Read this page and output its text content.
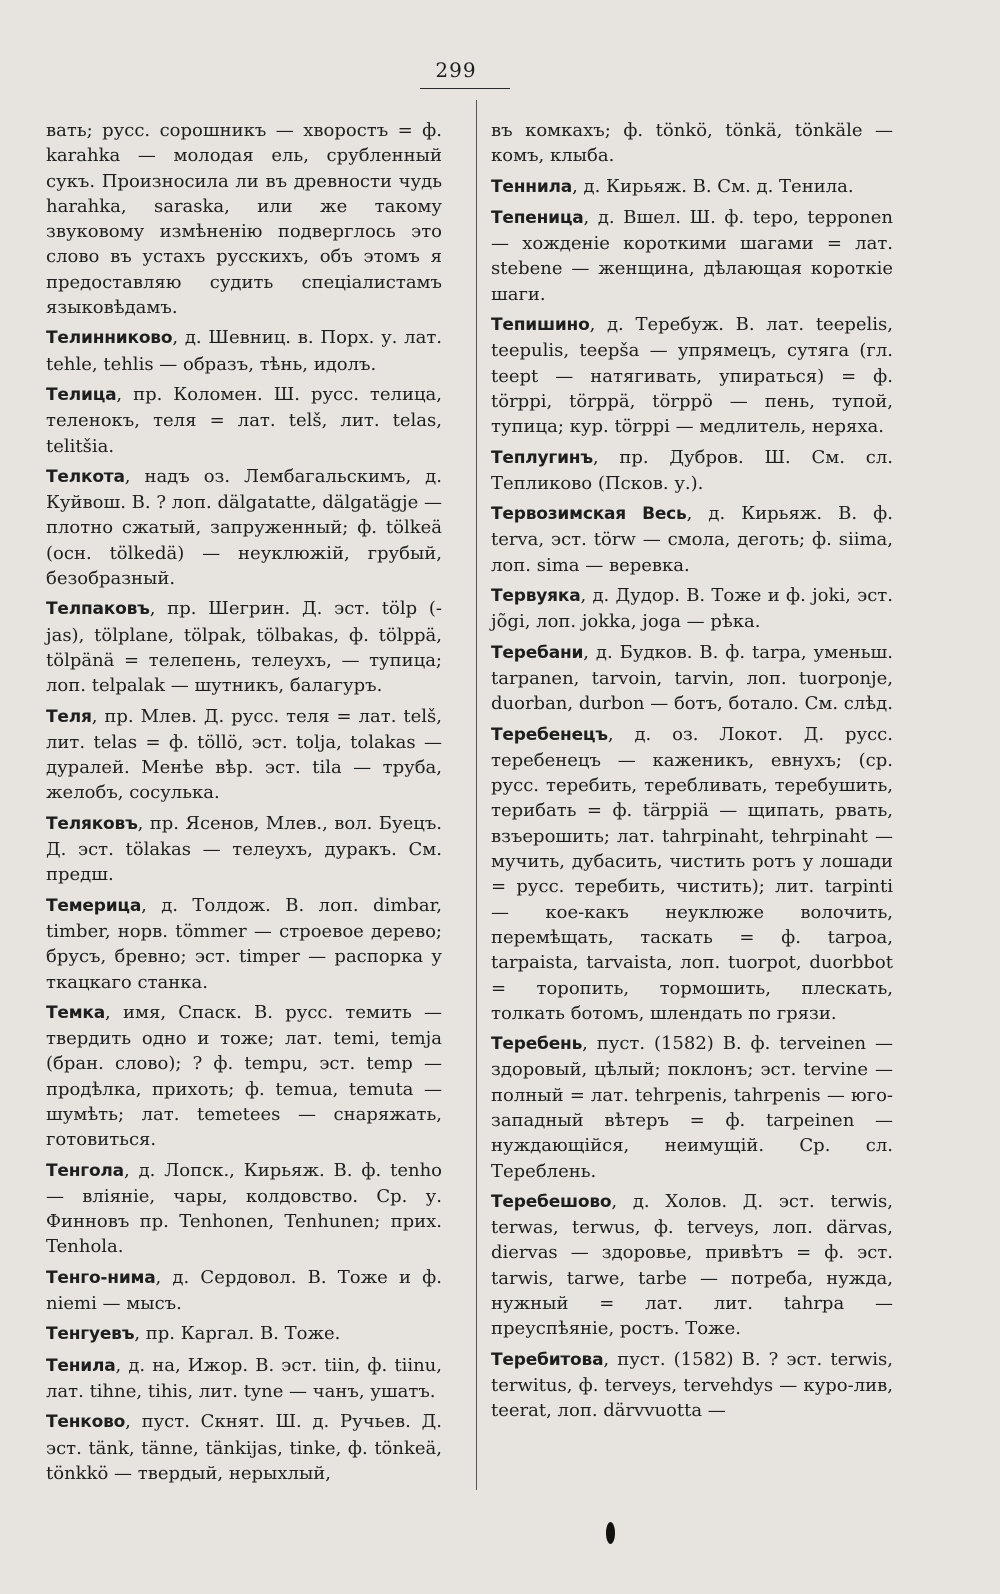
299

вать; русс. сорошникъ — хворостъ = ф. karahka — молодая ель, срубленный сукъ. Произносила ли въ древности чудь harahka, saraska, или же такому звуковому измѣненію подверглось это слово въ устахъ русскихъ, объ этомъ я предоставляю судить спеціалистамъ языковѣдамъ.

Телинниково, д. Шевниц. в. Порх. у. лат. tehle, tehlis — образъ, тѣнь, идолъ.

Телица, пр. Коломен. Ш. русс. телица, теленокъ, теля = лат. telš, лит. telas, telitšia.

Телкота, надъ оз. Лембагальскимъ, д. Куйвош. В. ? лоп. dälgatatte, dälgatägje — плотно сжатый, запруженный; ф. tölkeä (осн. tölkedä) — неуклюжій, грубый, безобразный.

Телпаковъ, пр. Шегрин. Д. эст. tölp (-jas), tölplane, tölpak, tölbakas, ф. tölppä, tölpänä = телепень, телеухъ, — тупица; лоп. telpalak — шутникъ, балагуръ.

Теля, пр. Млев. Д. русс. теля = лат. telš, лит. telas = ф. töllö, эст. tolja, tolakas — дуралей. Менѣе вѣр. эст. tila — труба, желобъ, сосулька.

Теляковъ, пр. Ясенов, Млев., вол. Буецъ. Д. эст. tölakas — телеухъ, дуракъ. См. предш.

Темерица, д. Толдож. В. лоп. dimbar, timber, норв. tömmer — строевое дерево; брусъ, бревно; эст. timper — распорка у ткацкаго станка.

Темка, имя, Спаск. В. русс. темить — твердить одно и тоже; лат. temi, temja (бран. слово); ? ф. tempu, эст. temp — продѣлка, прихоть; ф. temua, temuta — шумѣть; лат. temetees — снаряжать, готовиться.

Тенгола, д. Лопск., Кирьяж. В. ф. tenho — вліяніе, чары, колдовство. Ср. у. Финновъ пр. Tenhonen, Tenhunen; прих. Tenhola.

Тенго-нима, д. Сердовол. В. Тоже и ф. niemi — мысъ.

Тенгуевъ, пр. Каргал. В. Тоже.

Тенила, д. на, Ижор. В. эст. tiin, ф. tiinu, лат. tihne, tihis, лит. tyne — чанъ, ушатъ.

Тенково, пуст. Скнят. Ш. д. Ручьев. Д. эст. tänk, tänne, tänkijas, tinke, ф. tönkeä, tönkkö — твердый, нерыхлый,

въ комкахъ; ф. tönkö, tönkä, tönkäle — комъ, клыба.

Теннила, д. Кирьяж. В. См. д. Тенила.

Тепеница, д. Вшел. Ш. ф. tepo, tepponen — хожденіе короткими шагами = лат. stebene — женщина, дѣлающая короткіе шаги.

Тепишино, д. Теребуж. В. лат. teepelis, teepulis, teepša — упрямецъ, сутяга (гл. teept — натягивать, упираться) = ф. törppi, törppä, törppö — пень, тупой, тупица; кур. törppi — медлитель, неряха.

Теплугинъ, пр. Дубров. Ш. См. сл. Тепликово (Псков. у.).

Тервозимская Весь, д. Кирьяж. В. ф. terva, эст. törw — смола, деготь; ф. siima, лоп. sima — веревка.

Тервуяка, д. Дудор. В. Тоже и ф. joki, эст. jõgi, лоп. jokka, joga — рѣка.

Теребани, д. Будков. В. ф. tarpa, уменьш. tarpanen, tarvoin, tarvin, лоп. tuorponje, duorban, durbon — ботъ, ботало. См. слѣд.

Теребенецъ, д. оз. Локот. Д. русс. теребенецъ — каженикъ, евнухъ; (ср. русс. теребить, теребливать, теребушить, терибать = ф. tärppiä — щипать, рвать, взъерошить; лат. tahrpinaht, tehrpinaht — мучить, дубасить, чистить ротъ у лошади = русс. теребить, чистить); лит. tarpinti — кое-какъ неуклюже волочить, перемѣщать, таскать = ф. tarpoa, tarpaista, tarvaista, лоп. tuorpot, duorbbot = торопить, тормошить, плескать, толкать ботомъ, шлендать по грязи.

Теребень, пуст. (1582) В. ф. terveinen — здоровый, цѣлый; поклонъ; эст. tervine — полный = лат. tehrpenis, tahrpenis — юго-западный вѣтеръ = ф. tarpeinen — нуждающійся, неимущій. Ср. сл. Тереблень.

Теребешово, д. Холов. Д. эст. terwis, terwas, terwus, ф. terveys, лоп. därvas, diervas — здоровье, привѣтъ = ф. эст. tarwis, tarwe, tarbe — потреба, нужда, нужный = лат. лит. tahrpa — преуспѣяніе, ростъ. Тоже.

Теребитова, пуст. (1582) В. ? эст. terwis, terwitus, ф. terveys, tervehdys — куро-лив, teerat, лоп. därvvuotta —
